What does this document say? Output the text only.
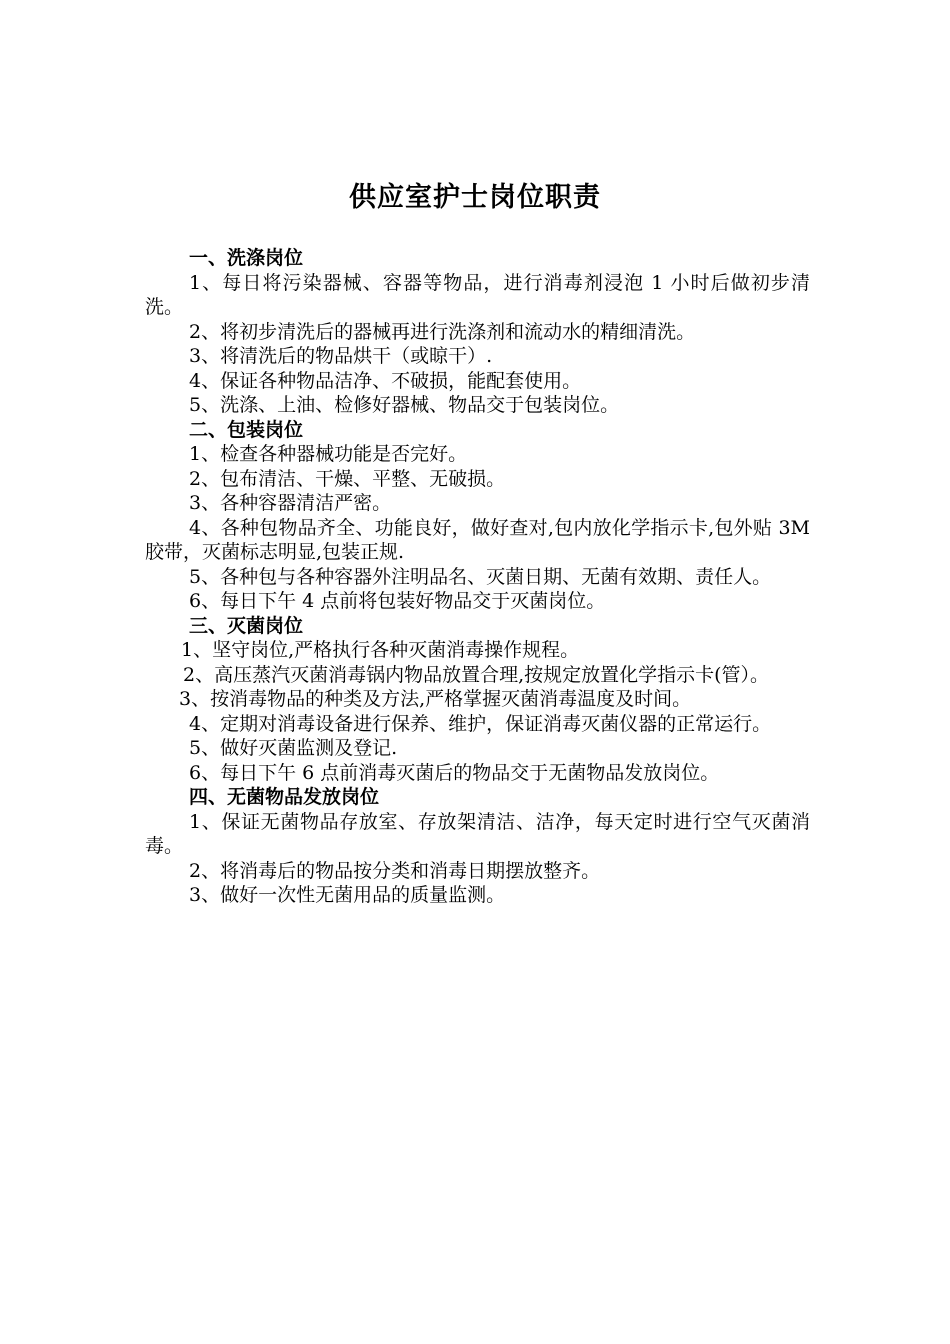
供应室护士岗位职责
一、洗涤岗位
1、每日将污染器械、容器等物品，进行消毒剂浸泡 1 小时后做初步清洗。
2、将初步清洗后的器械再进行洗涤剂和流动水的精细清洗。
3、将清洗后的物品烘干（或晾干）.
4、保证各种物品洁净、不破损，能配套使用。
5、洗涤、上油、检修好器械、物品交于包装岗位。
二、包装岗位
1、检查各种器械功能是否完好。
2、包布清洁、干燥、平整、无破损。
3、各种容器清洁严密。
4、各种包物品齐全、功能良好，做好查对,包内放化学指示卡,包外贴 3M 胶带，灭菌标志明显,包装正规.
5、各种包与各种容器外注明品名、灭菌日期、无菌有效期、责任人。
6、每日下午 4 点前将包装好物品交于灭菌岗位。
三、灭菌岗位
1、坚守岗位,严格执行各种灭菌消毒操作规程。
2、高压蒸汽灭菌消毒锅内物品放置合理,按规定放置化学指示卡(管）。
3、按消毒物品的种类及方法,严格掌握灭菌消毒温度及时间。
4、定期对消毒设备进行保养、维护，保证消毒灭菌仪器的正常运行。
5、做好灭菌监测及登记.
6、每日下午 6 点前消毒灭菌后的物品交于无菌物品发放岗位。
四、无菌物品发放岗位
1、保证无菌物品存放室、存放架清洁、洁净，每天定时进行空气灭菌消毒。
2、将消毒后的物品按分类和消毒日期摆放整齐。
3、做好一次性无菌用品的质量监测。
